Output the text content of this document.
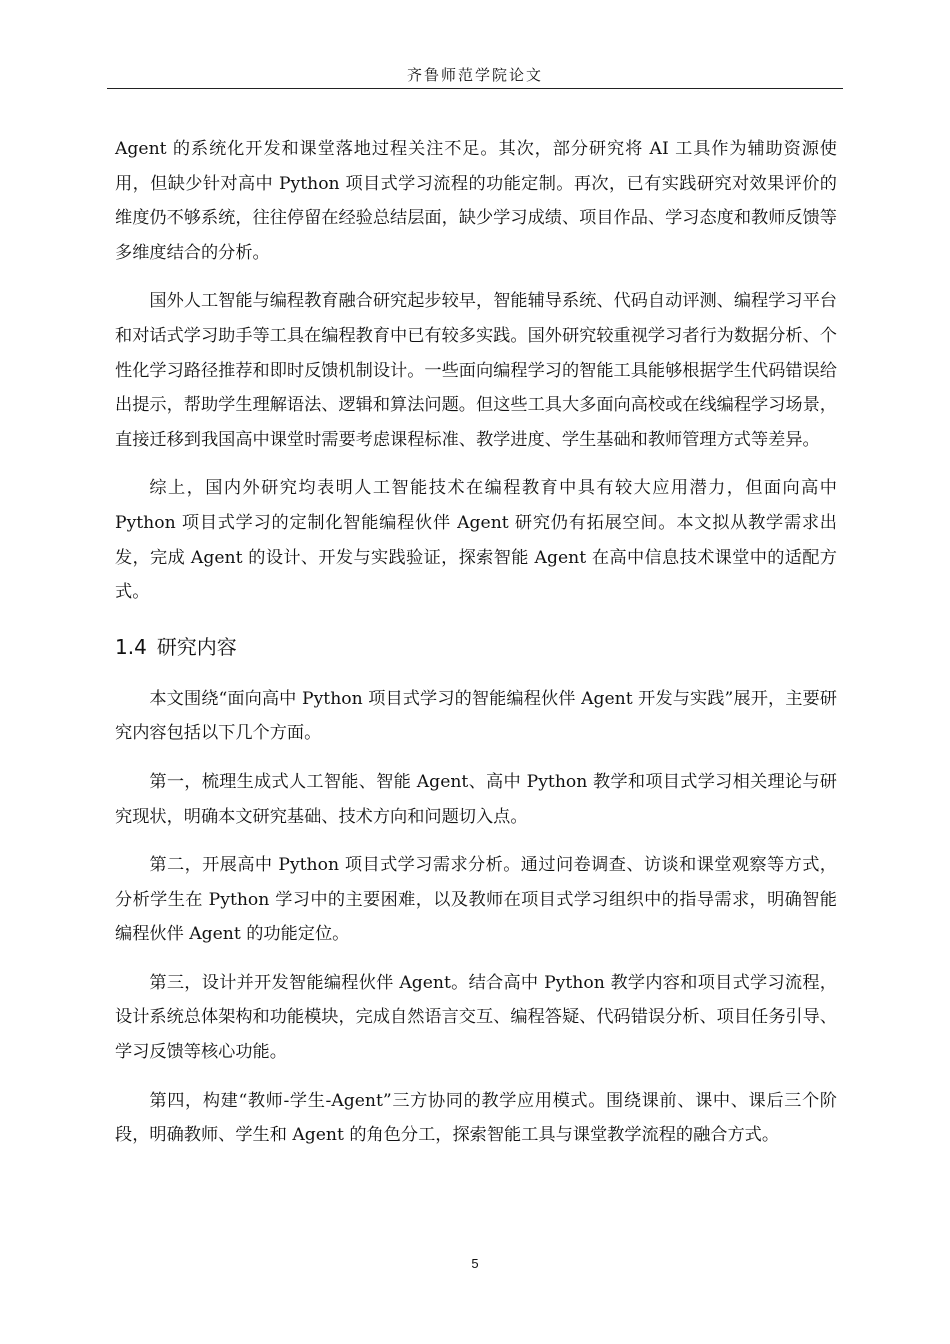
齐鲁师范学院论文

Agent 的系统化开发和课堂落地过程关注不足。其次，部分研究将 AI 工具作为辅助资源使用，但缺少针对高中 Python 项目式学习流程的功能定制。再次，已有实践研究对效果评价的维度仍不够系统，往往停留在经验总结层面，缺少学习成绩、项目作品、学习态度和教师反馈等多维度结合的分析。

国外人工智能与编程教育融合研究起步较早，智能辅导系统、代码自动评测、编程学习平台和对话式学习助手等工具在编程教育中已有较多实践。国外研究较重视学习者行为数据分析、个性化学习路径推荐和即时反馈机制设计。一些面向编程学习的智能工具能够根据学生代码错误给出提示，帮助学生理解语法、逻辑和算法问题。但这些工具大多面向高校或在线编程学习场景，直接迁移到我国高中课堂时需要考虑课程标准、教学进度、学生基础和教师管理方式等差异。

综上，国内外研究均表明人工智能技术在编程教育中具有较大应用潜力，但面向高中 Python 项目式学习的定制化智能编程伙伴 Agent 研究仍有拓展空间。本文拟从教学需求出发，完成 Agent 的设计、开发与实践验证，探索智能 Agent 在高中信息技术课堂中的适配方式。

1.4 研究内容

本文围绕“面向高中 Python 项目式学习的智能编程伙伴 Agent 开发与实践”展开，主要研究内容包括以下几个方面。

第一，梳理生成式人工智能、智能 Agent、高中 Python 教学和项目式学习相关理论与研究现状，明确本文研究基础、技术方向和问题切入点。

第二，开展高中 Python 项目式学习需求分析。通过问卷调查、访谈和课堂观察等方式，分析学生在 Python 学习中的主要困难，以及教师在项目式学习组织中的指导需求，明确智能编程伙伴 Agent 的功能定位。

第三，设计并开发智能编程伙伴 Agent。结合高中 Python 教学内容和项目式学习流程，设计系统总体架构和功能模块，完成自然语言交互、编程答疑、代码错误分析、项目任务引导、学习反馈等核心功能。

第四，构建“教师-学生-Agent”三方协同的教学应用模式。围绕课前、课中、课后三个阶段，明确教师、学生和 Agent 的角色分工，探索智能工具与课堂教学流程的融合方式。

5
